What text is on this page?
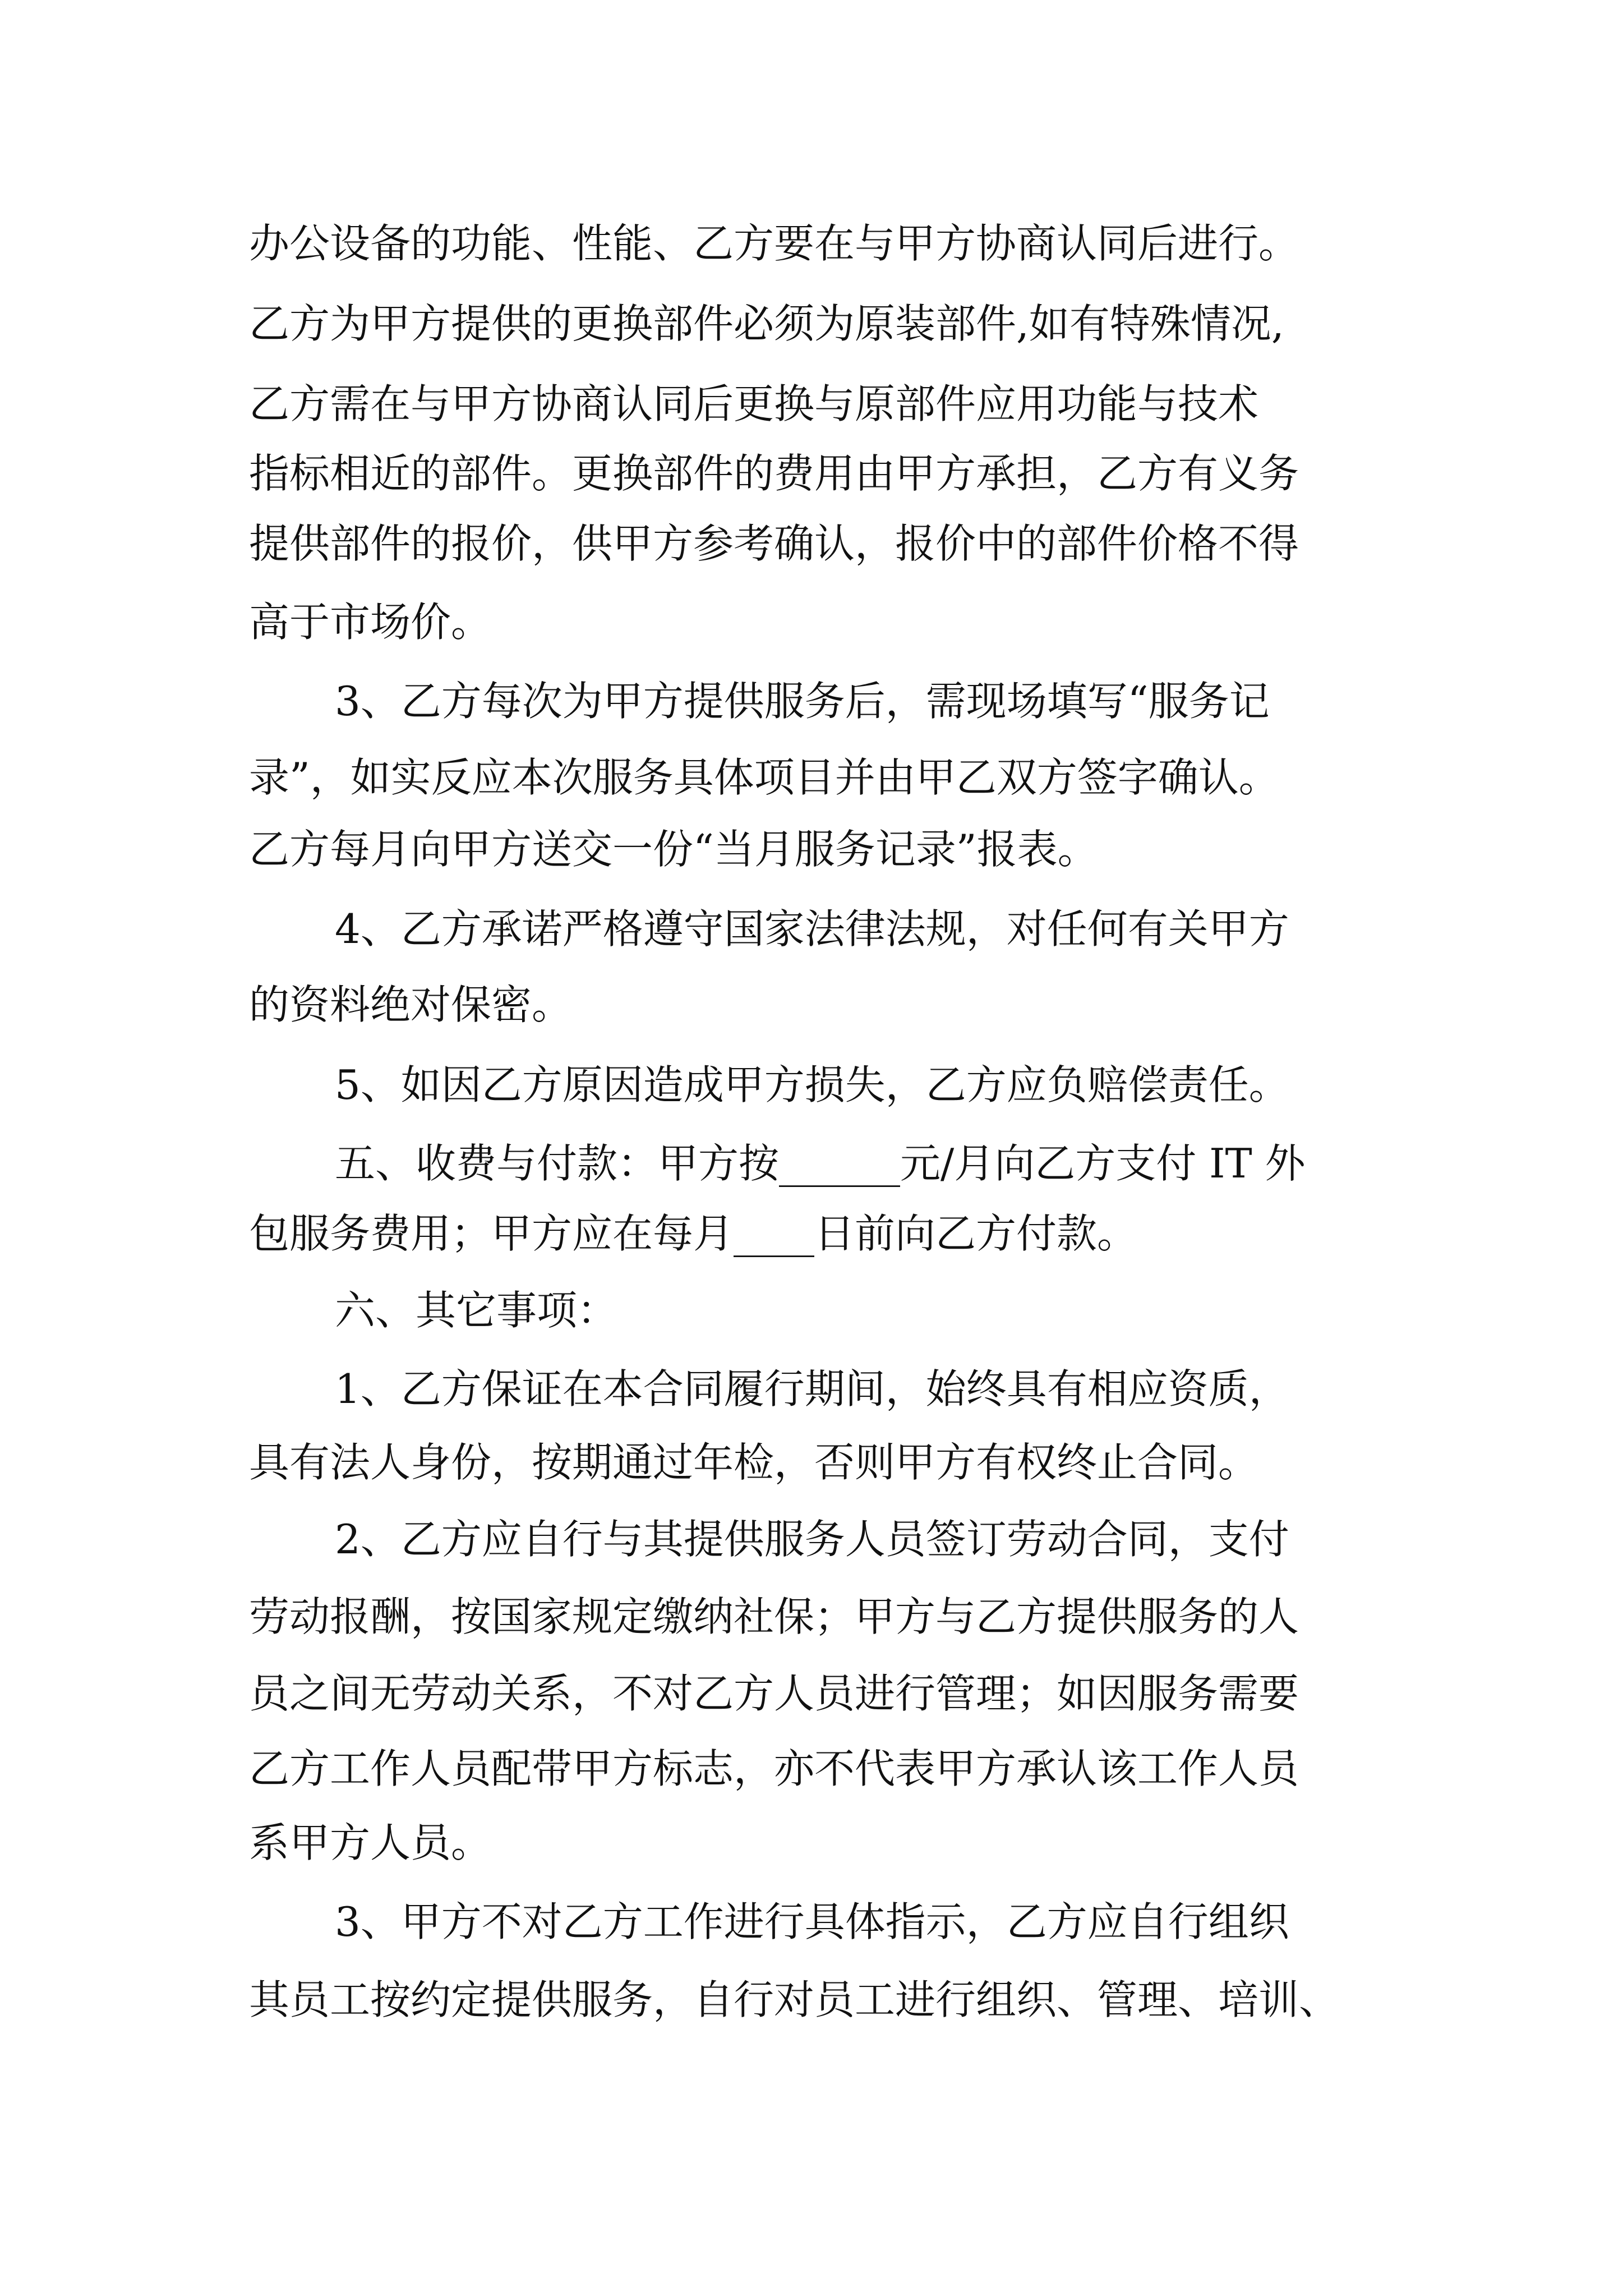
办公设备的功能、性能、乙方要在与甲方协商认同后进行。

乙方为甲方提供的更换部件必须为原装部件,如有特殊情况,

乙方需在与甲方协商认同后更换与原部件应用功能与技术

指标相近的部件。更换部件的费用由甲方承担，乙方有义务

提供部件的报价，供甲方参考确认，报价中的部件价格不得

高于市场价。

3、乙方每次为甲方提供服务后，需现场填写“服务记

录”，如实反应本次服务具体项目并由甲乙双方签字确认。

乙方每月向甲方送交一份“当月服务记录”报表。

4、乙方承诺严格遵守国家法律法规，对任何有关甲方

的资料绝对保密。

5、如因乙方原因造成甲方损失，乙方应负赔偿责任。

五、收费与付款：甲方按______元/月向乙方支付 IT 外

包服务费用；甲方应在每月____日前向乙方付款。

六、其它事项：

1、乙方保证在本合同履行期间，始终具有相应资质，

具有法人身份，按期通过年检，否则甲方有权终止合同。

2、乙方应自行与其提供服务人员签订劳动合同，支付

劳动报酬，按国家规定缴纳社保；甲方与乙方提供服务的人

员之间无劳动关系，不对乙方人员进行管理；如因服务需要

乙方工作人员配带甲方标志，亦不代表甲方承认该工作人员

系甲方人员。

3、甲方不对乙方工作进行具体指示，乙方应自行组织

其员工按约定提供服务，自行对员工进行组织、管理、培训、
